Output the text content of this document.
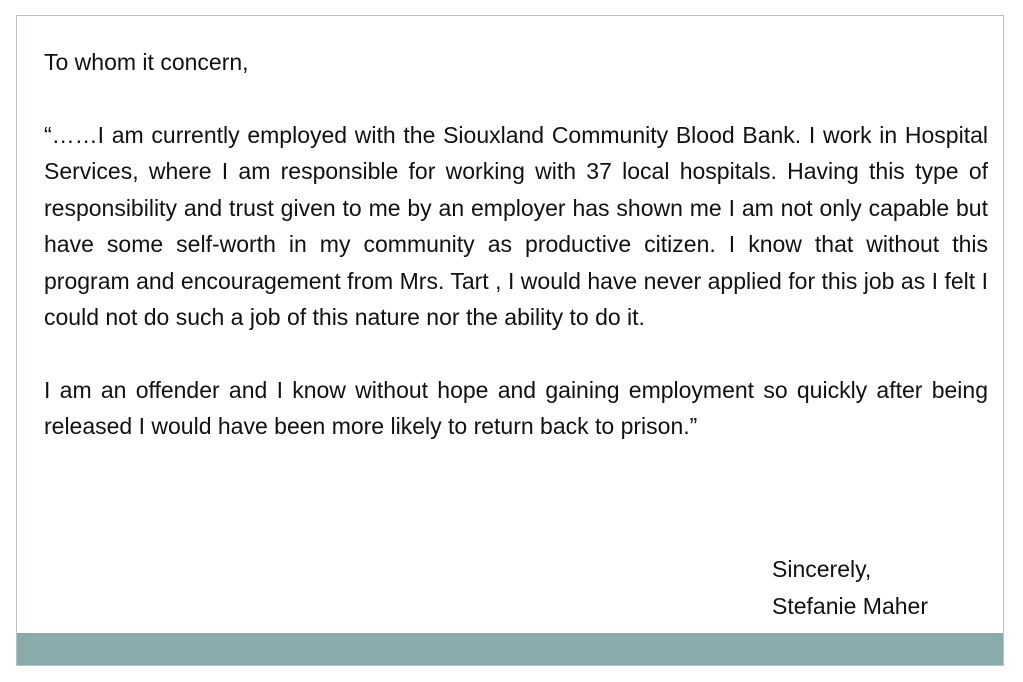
To whom it concern,

“……I am currently employed with the Siouxland Community Blood Bank. I work in Hospital Services, where I am responsible for working with 37 local hospitals. Having this type of responsibility and trust given to me by an employer has shown me I am not only capable but have some self-worth in my community as productive citizen. I know that without this program and encouragement from Mrs. Tart , I would have never applied for this job as I felt I could not do such a job of this nature nor the ability to do it.

I am an offender and I know without hope and gaining employment so quickly after being released I would have been more likely to return back to prison.”

Sincerely,
Stefanie Maher
